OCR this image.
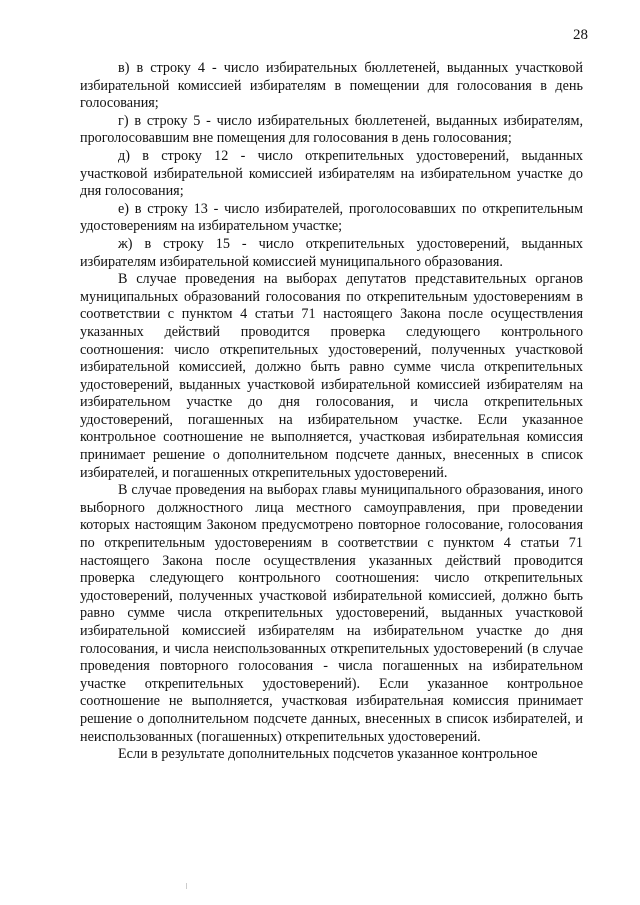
28

в) в строку 4 - число избирательных бюллетеней, выданных участковой избирательной комиссией избирателям в помещении для голосования в день голосования;

г) в строку 5 - число избирательных бюллетеней, выданных избирателям, проголосовавшим вне помещения для голосования в день голосования;

д) в строку 12 - число открепительных удостоверений, выданных участковой избирательной комиссией избирателям на избирательном участке до дня голосования;

е) в строку 13 - число избирателей, проголосовавших по открепительным удостоверениям на избирательном участке;

ж) в строку 15 - число открепительных удостоверений, выданных избирателям избирательной комиссией муниципального образования.

В случае проведения на выборах депутатов представительных органов муниципальных образований голосования по открепительным удостоверениям в соответствии с пунктом 4 статьи 71 настоящего Закона после осуществления указанных действий проводится проверка следующего контрольного соотношения: число открепительных удостоверений, полученных участковой избирательной комиссией, должно быть равно сумме числа открепительных удостоверений, выданных участковой избирательной комиссией избирателям на избирательном участке до дня голосования, и числа открепительных удостоверений, погашенных на избирательном участке. Если указанное контрольное соотношение не выполняется, участковая избирательная комиссия принимает решение о дополнительном подсчете данных, внесенных в список избирателей, и погашенных открепительных удостоверений.

В случае проведения на выборах главы муниципального образования, иного выборного должностного лица местного самоуправления, при проведении которых настоящим Законом предусмотрено повторное голосование, голосования по открепительным удостоверениям в соответствии с пунктом 4 статьи 71 настоящего Закона после осуществления указанных действий проводится проверка следующего контрольного соотношения: число открепительных удостоверений, полученных участковой избирательной комиссией, должно быть равно сумме числа открепительных удостоверений, выданных участковой избирательной комиссией избирателям на избирательном участке до дня голосования, и числа неиспользованных открепительных удостоверений (в случае проведения повторного голосования - числа погашенных на избирательном участке открепительных удостоверений). Если указанное контрольное соотношение не выполняется, участковая избирательная комиссия принимает решение о дополнительном подсчете данных, внесенных в список избирателей, и неиспользованных (погашенных) открепительных удостоверений.

Если в результате дополнительных подсчетов указанное контрольное
